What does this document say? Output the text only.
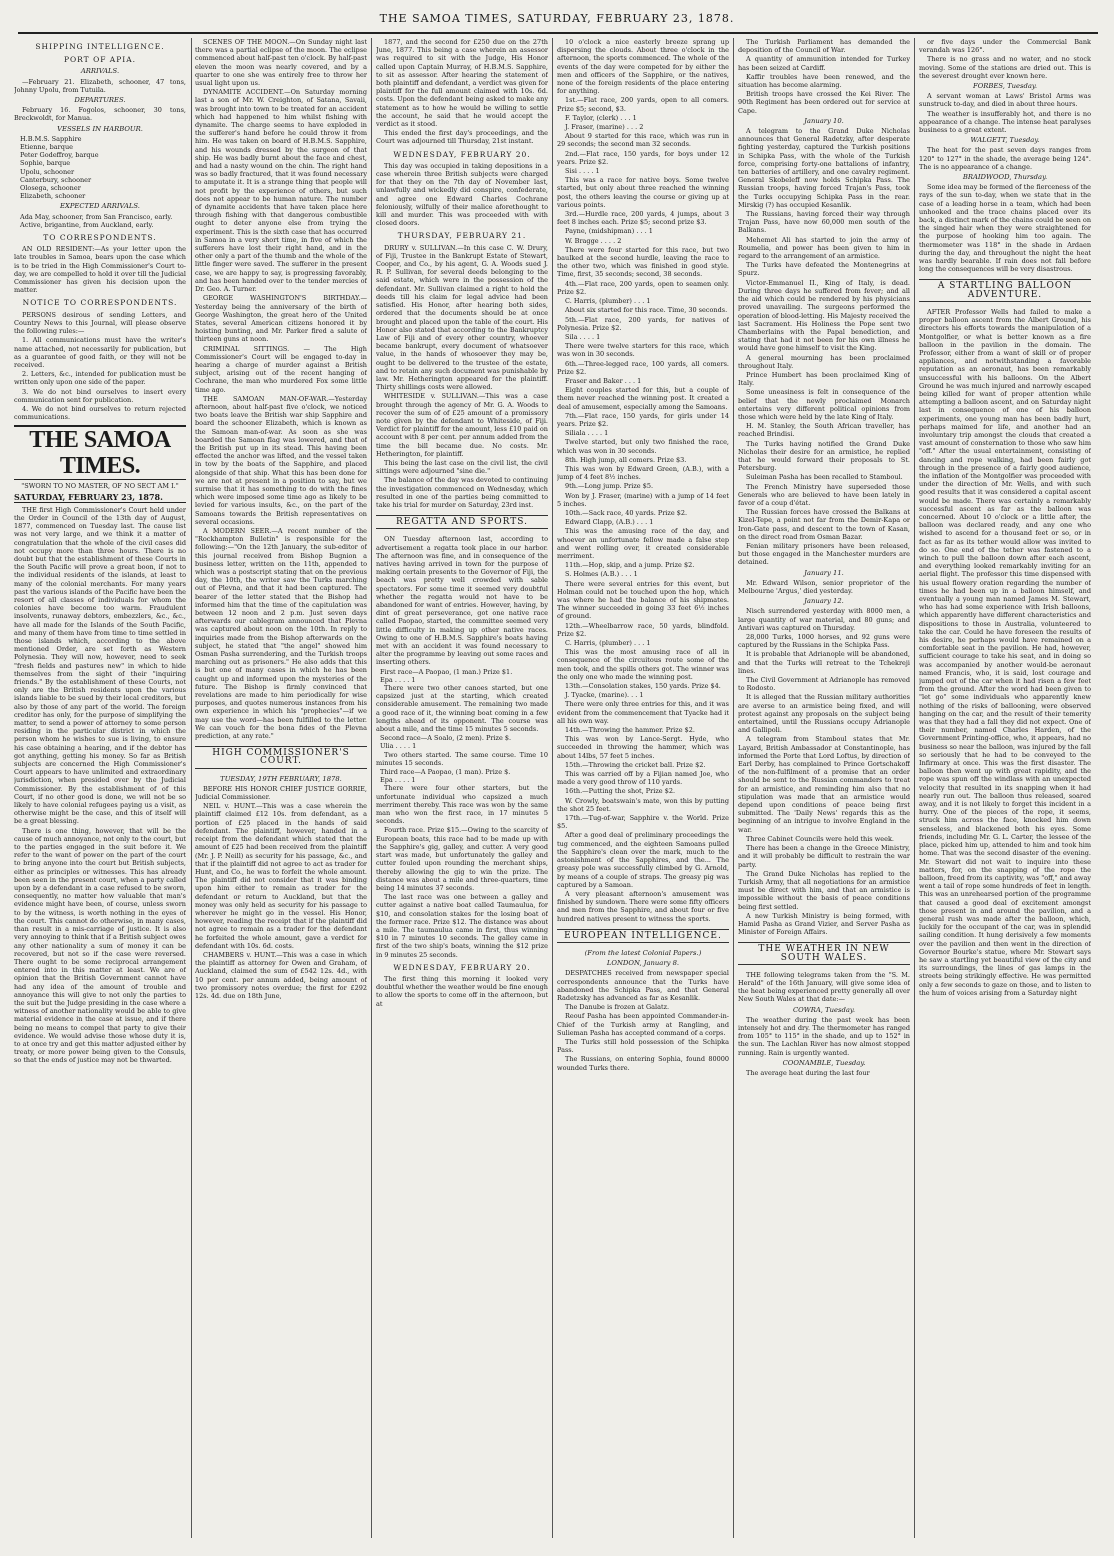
THE SAMOA TIMES, SATURDAY, FEBRUARY 23, 1878.
SHIPPING INTELLIGENCE.
PORT OF APIA.
ARRIVALS.

—February 21. Elizabeth, schooner, 47 tons, Johnny Upolu, from Tutuila.

DEPARTURES.

February 16. Fogolos, schooner, 30 tons, Breckwoldt, for Manua.

VESSELS IN HARBOUR.
H.B.M.S. Sapphire
Etienne, barque
Peter Godeffroy, barque
Sophie, barque
Upolu, schooner
Canterbury, schooner
Olosega, schooner
Elizabeth, schooner
EXPECTED ARRIVALS.
Ada May, schooner, from San Francisco, early.
Active, brigantine, from Auckland, early.
TO CORRESPONDENTS.

AN OLD RESIDENT:—As your letter upon the late troubles in Samoa, bears upon the case which is to be tried in the High Commissioner's Court to-day, we are compelled to hold it over till the Judicial Commissioner has given his decision upon the matter.

NOTICE TO CORRESPONDENTS.

PERSONS desirous of sending Letters, and Country News to this Journal, will please observe the following rules:—

1. All communications must have the writer's name attached, not necessarily for publication, but as a guarantee of good faith, or they will not be received.

2. Letters, &c., intended for publication must be written only upon one side of the paper.

3. We do not bind ourselves to insert every communication sent for publication.

4. We do not bind ourselves to return rejected communications.

THE SAMOA TIMES.
"SWORN TO NO MASTER, OF NO SECT AM I."
SATURDAY, FEBRUARY 23, 1878.

THE first High Commissioner's Court held under the Order in Council of the 13th day of August, 1877, commenced on Tuesday last. The cause list was not very large, and we think it a matter of congratulation that the whole of the civil cases did not occupy more than three hours. There is no doubt but that the establishment of these Courts in the South Pacific will prove a great boon, if not to the individual residents of the islands, at least to many of the colonial merchants. For many years past the various islands of the Pacific have been the resort of all classes of individuals for whom the colonies have become too warm. Fraudulent insolvents, runaway debtors, embezzlers, &c., &c., have all made for the Islands of the South Pacific, and many of them have from time to time settled in those islands which, according to the above mentioned Order, are set forth as Western Polynesia. They will now, however, need to seek "fresh fields and pastures new" in which to hide themselves from the sight of their "inquiring friends." By the establishment of these Courts, not only are the British residents upon the various islands liable to be sued by their local creditors, but also by those of any part of the world. The foreign creditor has only, for the purpose of simplifying the matter, to send a power of attorney to some person residing in the particular district in which the person whom he wishes to sue is living, to ensure his case obtaining a hearing, and if the debtor has got anything, getting his money. So far as British subjects are concerned the High Commissioner's Court appears to have unlimited and extraordinary jurisdiction, when presided over by the Judicial Commissioner. By the establishment of of this Court, if no other good is done, we will not be so likely to have colonial refugees paying us a visit, as otherwise might be the case, and this of itself will be a great blessing.

There is one thing, however, that will be the cause of much annoyance, not only to the court, but to the parties engaged in the suit before it. We refer to the want of power on the part of the court to bring anyone into the court but British subjects, either as principles or witnesses. This has already been seen in the present court, when a party called upon by a defendant in a case refused to be sworn, consequently, no matter how valuable that man's evidence might have been, of course, unless sworn to by the witness, is worth nothing in the eyes of the court. This cannot do otherwise, in many cases, than result in a mis-carriage of justice. It is also very annoying to think that if a British subject owes any other nationality a sum of money it can be recovered, but not so if the case were reversed. There ought to be some reciprocal arrangement entered into in this matter at least. We are of opinion that the British Government cannot have had any idea of the amount of trouble and annoyance this will give to not only the parties to the suit but the Judge presiding in the case where a witness of another nationality would be able to give material evidence in the case at issue, and if there being no means to compel that party to give their evidence. We would advise those whose duty it is, to at once try and get this matter adjusted either by treaty, or more power being given to the Consuls, so that the ends of justice may not be thwarted.

SCENES OF THE MOON.—On Sunday night last there was a partial eclipse of the moon. The eclipse commenced about half-past ten o'clock. By half-past eleven the moon was nearly covered, and by a quarter to one she was entirely free to throw her usual light upon us.

DYNAMITE ACCIDENT.—On Saturday morning last a son of Mr. W. Creighton, of Satana, Savaii, was brought into town to be treated for an accident which had happened to him whilst fishing with dynamite. The charge seems to have exploded in the sufferer's hand before he could throw it from him. He was taken on board of H.B.M.S. Sapphire, and his wounds dressed by the surgeon of that ship. He was badly burnt about the face and chest, and had a nasty wound on the chin. The right hand was so badly fractured, that it was found necessary to amputate it. It is a strange thing that people will not profit by the experience of others, but such does not appear to be human nature. The number of dynamite accidents that have taken place here through fishing with that dangerous combustible ought to deter anyone else from trying the experiment. This is the sixth case that has occurred in Samoa in a very short time, in five of which the sufferers have lost their right hand, and in the other only a part of the thumb and the whole of the little finger were saved. The sufferer in the present case, we are happy to say, is progressing favorably, and has been handed over to the tender mercies of Dr. Geo. A. Turner.

GEORGE WASHINGTON'S BIRTHDAY.—Yesterday being the anniversary of the birth of George Washington, the great hero of the United States, several American citizens honored it by hoisting bunting, and Mr. Parker fired a salute of thirteen guns at noon.

CRIMINAL SITTINGS. — The High Commissioner's Court will be engaged to-day in hearing a charge of murder against a British subject, arising out of the recent hanging of Cochrane, the man who murdered Fox some little time ago.

THE SAMOAN MAN-OF-WAR.—Yesterday afternoon, about half-past five o'clock, we noticed two boats leave the British war ship Sapphire and board the schooner Elizabeth, which is known as the Samoan man-of-war. As soon as she was boarded the Samoan flag was lowered, and that of the British put up in its stead. This having been effected the anchor was lifted, and the vessel taken in tow by the boats of the Sapphire, and placed alongside of that ship. What this has been done for we are not at present in a position to say, but we surmise that it has something to do with the fines which were imposed some time ago as likely to be levied for various insults, &c., on the part of the Samoans towards the British representatives on several occasions.

A MODERN SEER.—A recent number of the "Rockhampton Bulletin" is responsible for the following:—"On the 12th January, the sub-editor of this journal received from Bishop Bugnion a business letter, written on the 11th, appended to which was a postscript stating that on the previous day, the 10th, the writer saw the Turks marching out of Plevna, and that it had been captured. The bearer of the letter stated that the Bishop had informed him that the time of the capitulation was between 12 noon and 2 p.m. Just seven days afterwards our cablegram announced that Plevna was captured about noon on the 10th. In reply to inquiries made from the Bishop afterwards on the subject, he stated that "the angel" showed him Osman Pasha surrendering, and the Turkish troops marching out as prisoners." He also adds that this is but one of many cases in which he has been caught up and informed upon the mysteries of the future. The Bishop is firmly convinced that revelations are made to him periodically for wise purposes, and quotes numerous instances from his own experience in which his "prophecies"—if we may use the word—has been fulfilled to the letter. We can vouch for the bona fides of the Plevna prediction, at any rate."

HIGH COMMISSIONER'S COURT.
TUESDAY, 19TH FEBRUARY, 1878.

BEFORE HIS HONOR CHIEF JUSTICE GORRIE, Judicial Commissioner.

NEIL v. HUNT.—This was a case wherein the plaintiff claimed £12 10s. from defendant, as a portion of £25 placed in the hands of said defendant. The plaintiff, however, handed in a receipt from the defendant which stated that the amount of £25 had been received from the plaintiff (Mr. J. P. Neill) as security for his passage, &c., and that if the plaintiff did not agree to act as trader for Hunt, and Co., he was to forfeit the whole amount. The plaintiff did not consider that it was binding upon him either to remain as trader for the defendant or return to Auckland, but that the money was only held as security for his passage to wherever he might go in the vessel. His Honor, however, reading the receipt that if the plaintiff did not agree to remain as a trader for the defendant he forfeited the whole amount, gave a verdict for defendant with 10s. 6d. costs.

CHAMBERS v. HUNT.—This was a case in which the plaintiff as attorney for Owen and Graham, of Auckland, claimed the sum of £542 12s. 4d., with 10 per cent. per annum added, being amount of two promissory notes overdue; the first for £292 12s. 4d. due on 18th June,

1877, and the second for £250 due on the 27th June, 1877. This being a case wherein an assessor was required to sit with the Judge, His Honor called upon Captain Murray, of H.B.M.S. Sapphire, to sit as assessor. After hearing the statement of both plaintiff and defendant, a verdict was given for plaintiff for the full amount claimed with 10s. 6d. costs. Upon the defendant being asked to make any statement as to how he would be willing to settle the account, he said that he would accept the verdict as it stood.

This ended the first day's proceedings, and the Court was adjourned till Thursday, 21st instant.

WEDNESDAY, FEBRUARY 20.

This day was occupied in taking depositions in a case wherein three British subjects were charged for that they on the 7th day of November last, unlawfully and wickedly did conspire, confederate, and agree one Edward Charles Cochrane feloniously, wilfully of their malice aforethought to kill and murder. This was proceeded with with closed doors.

THURSDAY, FEBRUARY 21.

DRURY v. SULLIVAN.—In this case C. W. Drury, of Fiji, Trustee in the Bankrupt Estate of Stewart, Cooper, and Co., by his agent, G. A. Woods sued J. R. P. Sullivan, for several deeds belonging to the said estate, which were in the possession of the defendant. Mr. Sullivan claimed a right to hold the deeds till his claim for legal advice had been satisfied. His Honor, after hearing both sides, ordered that the documents should be at once brought and placed upon the table of the court. His Honor also stated that according to the Bankruptcy Law of Fiji and of every other country, whoever became bankrupt, every document of whatsoever value, in the hands of whosoever they may be, ought to be delivered to the trustee of the estate, and to retain any such document was punishable by law. Mr. Hetherington appeared for the plaintiff. Thirty shillings costs were allowed.

WHITESIDE v. SULLIVAN.—This was a case brought through the agency of Mr. G. A. Woods to recover the sum of of £25 amount of a promissory note given by the defendant to Whiteside, of Fiji. Verdict for plaintiff for the amount, less £10 paid on account with 8 per cent. per annum added from the time the bill became due. No costs. Mr. Hetherington, for plaintiff.

This being the last case on the civil list, the civil sittings were adjourned "sine die."

The balance of the day was devoted to continuing the investigation commenced on Wednesday, which resulted in one of the parties being committed to take his trial for murder on Saturday, 23rd inst.

REGATTA AND SPORTS.

ON Tuesday afternoon last, according to advertisement a regatta took place in our harbor. The afternoon was fine, and in consequence of the natives having arrived in town for the purpose of making certain presents to the Governor of Fiji, the beach was pretty well crowded with sable spectators. For some time it seemed very doubtful whether the regatta would not have to be abandoned for want of entries. However, having, by dint of great perseverance, got one native race called Paopao, started, the committee seemed very little difficulty in making up other native races. Owing to one of H.B.M.S. Sapphire's boats having met with an accident it was found necessary to alter the programme by leaving out some races and inserting others.

First race—A Paopao, (1 man.) Prize $1.
Epa . . . . 1

There were two other canoes started, but one capsized just at the starting, which created considerable amusement. The remaining two made a good race of it, the winning boat coming in a few lengths ahead of its opponent. The course was about a mile, and the time 15 minutes 5 seconds.

Second race—A Soalo, (2 men). Prize $.
Ulia . . . . 1

Two others started. The same course. Time 10 minutes 15 seconds.

Third race—A Paopao, (1 man). Prize $.
Epa . . . . 1

There were four other starters, but the unfortunate individual who capsized a much merriment thereby. This race was won by the same man who won the first race, in 17 minutes 5 seconds.

Fourth race. Prize $15.—Owing to the scarcity of European boats, this race had to be made up with the Sapphire's gig, galley, and cutter. A very good start was made, but unfortunately the galley and cutter fouled upon rounding the merchant ships, thereby allowing the gig to win the prize. The distance was about a mile and three-quarters, time being 14 minutes 37 seconds.

The last race was one between a galley and cutter against a native boat called Taumaulua, for $10, and consolation stakes for the losing boat of the former race. Prize $12. The distance was about a mile. The taumaulua came in first, thus winning $10 in 7 minutes 10 seconds. The galley came in first of the two ship's boats, winning the $12 prize in 9 minutes 25 seconds.

WEDNESDAY, FEBRUARY 20.

The first thing this morning it looked very doubtful whether the weather would be fine enough to allow the sports to come off in the afternoon, but at

10 o'clock a nice easterly breeze sprang up dispersing the clouds. About three o'clock in the afternoon, the sports commenced. The whole of the events of the day were competed for by either the men and officers of the Sapphire, or the natives, none of the foreign residents of the place entering for anything.

1st.—Flat race, 200 yards, open to all comers. Prize $5; second, $3.

F. Taylor, (clerk) . . . 1

J. Fraser, (marine) . . . 2

About 9 started for this race, which was run in 29 seconds; the second man 32 seconds.

2nd.—Flat race, 150 yards, for boys under 12 years. Prize $2.

Sisi . . . . 1

This was a race for native boys. Some twelve started, but only about three reached the winning post, the others leaving the course or giving up at various points.

3rd.—Hurdle race, 200 yards, 4 jumps, about 3 feet 8 inches each. Prize $5; second prize $3.

Payne, (midshipman) . . . 1

W. Bragge . . . . 2

There were four started for this race, but two baulked at the second hurdle, leaving the race to the other two, which was finished in good style. Time, first, 35 seconds; second, 38 seconds.

4th.—Flat race, 200 yards, open to seamen only. Prize $2.

C. Harris, (plumber) . . . 1

About six started for this race. Time, 30 seconds.

5th.—Flat race, 200 yards, for natives of Polynesia. Prize $2.

Sila . . . . 1

There were twelve starters for this race, which was won in 30 seconds.

6th.—Three-legged race, 100 yards, all comers. Prize $2.

Fraser and Baker . . . 1

Eight couples started for this, but a couple of them never reached the winning post. It created a deal of amusement, especially among the Samoans.

7th.—Flat race, 150 yards, for girls under 14 years. Prize $2.

Siliala . . . . 1

Twelve started, but only two finished the race, which was won in 30 seconds.

8th. High jump, all comers. Prize $3.

This was won by Edward Green, (A.B.), with a jump of 4 feet 8½ inches.

9th.—Long jump. Prize $5.

Won by J. Fraser, (marine) with a jump of 14 feet 5 inches.

10th.—Sack race, 40 yards. Prize $2.

Edward Clapp, (A.B.) . . . 1

This was the amusing race of the day, and whoever an unfortunate fellow made a false step and went rolling over, it created considerable merriment.

11th.—Hop, skip, and a jump. Prize $2.

S. Holmes (A.B.) . . . 1

There were several entries for this event, but Holman could not be touched upon the hop, which was where he had the balance of his shipmates. The winner succeeded in going 33 feet 6½ inches of ground.

12th.—Wheelbarrow race, 50 yards, blindfold. Prize $2.

C. Harris, (plumber) . . . 1

This was the most amusing race of all in consequence of the circuitous route some of the men took, and the spills others got. The winner was the only one who made the winning post.

13th.—Consolation stakes, 150 yards. Prize $4.

J. Tyacke, (marine). . . 1

There were only three entries for this, and it was evident from the commencement that Tyacke had it all his own way.

14th.—Throwing the hammer. Prize $2.

This was won by Lance-Sergt. Hyde, who succeeded in throwing the hammer, which was about 14lbs, 57 feet 5 inches.

15th.—Throwing the cricket ball. Prize $2.

This was carried off by a Fijian named Joe, who made a very good throw of 110 yards.

16th.—Putting the shot, Prize $2.

W. Crowly, boatswain's mate, won this by putting the shot 25 feet.

17th.—Tug-of-war, Sapphire v. the World. Prize $5.

After a good deal of preliminary proceedings the tug commenced, and the eighteen Samoans pulled the Sapphire's clean over the mark, much to the astonishment of the Sapphires, and the... The greasy pole was successfully climbed by G. Arnold, by means of a couple of straps. The greasy pig was captured by a Samoan.

A very pleasant afternoon's amusement was finished by sundown. There were some fifty officers and men from the Sapphire, and about four or five hundred natives present to witness the sports.

EUROPEAN INTELLIGENCE.
(From the latest Colonial Papers.)
LONDON, January 8.

DESPATCHES received from newspaper special correspondents announce that the Turks have abandoned the Schipka Pass, and that General Radetzsky has advanced as far as Kesanlik.

The Danube is frozen at Galatz.

Reouf Pasha has been appointed Commander-in-Chief of the Turkish army at Rangling, and Sulieman Pasha has accepted command of a corps.

The Turks still hold possession of the Schipka Pass.

The Russians, on entering Sophia, found 80000 wounded Turks there.

The Turkish Parliament has demanded the deposition of the Council of War.

A quantity of ammunition intended for Turkey has been seized at Cardiff.

Kaffir troubles have been renewed, and the situation has become alarming.

British troops have crossed the Kei River. The 90th Regiment has been ordered out for service at Cape.

January 10.

A telegram to the Grand Duke Nicholas announces that General Radetzky, after desperate fighting yesterday, captured the Turkish positions in Schipka Pass, with the whole of the Turkish force, comprising forty-one battalions of infantry, ten batteries of artillery, and one cavalry regiment. General Skobeleff now holds Schipka Pass. The Russian troops, having forced Trajan's Pass, took the Turks occupying Schipka Pass in the rear. Mirskig (?) has occupied Kesanlik.

The Russians, having forced their way through Trajan Pass, have now 60,000 men south of the Balkans.

Mehemet Ali has started to join the army of Roumelia, and power has been given to him in regard to the arrangement of an armistice.

The Turks have defeated the Montenegrins at Spurz.

Victor-Emmanuel II., King of Italy, is dead. During three days he suffered from fever; and all the aid which could be rendered by his physicians proved unavailing. The surgeons performed the operation of blood-letting. His Majesty received the last Sacrament. His Holiness the Pope sent two Chamberlains with the Papal benediction, and stating that had it not been for his own illness he would have gone himself to visit the King.

A general mourning has been proclaimed throughout Italy.

Prince Humbert has been proclaimed King of Italy.

Some uneasiness is felt in consequence of the belief that the newly proclaimed Monarch entertains very different political opinions from those which were held by the late King of Italy.

H. M. Stanley, the South African traveller, has reached Brindisi.

The Turks having notified the Grand Duke Nicholas their desire for an armistice, he replied that he would forward their proposals to St. Petersburg.

Suleiman Pasha has been recalled to Stamboul.

The French Ministry have superseded those Generals who are believed to have been lately in favor of a coup d'état.

The Russian forces have crossed the Balkans at Kizel-Tepe, a point not far from the Demir-Kapa or Iron-Gate pass, and descent to the town of Kasan, on the direct road from Osman Bazar.

Fenian military prisoners have been released, but those engaged in the Manchester murders are detained.

January 11.

Mr. Edward Wilson, senior proprietor of the Melbourne 'Argus,' died yesterday.

January 12.

Nisch surrendered yesterday with 8000 men, a large quantity of war material, and 80 guns; and Antivari was captured on Thursday.

28,000 Turks, 1000 horses, and 92 guns were captured by the Russians in the Schipka Pass.

It is probable that Adrianople will be abandoned, and that the Turks will retreat to the Tchekreji lines.

The Civil Government at Adrianople has removed to Rodosto.

It is alleged that the Russian military authorities are averse to an armistice being fixed, and will protest against any proposals on the subject being entertained, until the Russians occupy Adrianople and Gallipoli.

A telegram from Stamboul states that Mr. Layard, British Ambassador at Constantinople, has informed the Porte that Lord Loftus, by direction of Earl Derby, has complained to Prince Gortschakoff of the non-fulfilment of a promise that an order should be sent to the Russian commanders to treat for an armistice, and reminding him also that no stipulation was made that an armistice would depend upon conditions of peace being first submitted. The 'Daily News' regards this as the beginning of an intrigue to involve England in the war.

Three Cabinet Councils were held this week.

There has been a change in the Greece Ministry, and it will probably be difficult to restrain the war party.

The Grand Duke Nicholas has replied to the Turkish Army, that all negotiations for an armistice must be direct with him, and that an armistice is impossible without the basis of peace conditions being first settled.

A new Turkish Ministry is being formed, with Hamid Pasha as Grand Vizier, and Server Pasha as Minister of Foreign Affairs.

THE WEATHER IN NEW SOUTH WALES.

THE following telegrams taken from the "S. M. Herald" of the 16th January, will give some idea of the heat being experienced pretty generally all over New South Wales at that date:—

COWRA, Tuesday.

The weather during the past week has been intensely hot and dry. The thermometer has ranged from 105° to 115° in the shade, and up to 152° in the sun. The Lachlan River has now almost stopped running. Rain is urgently wanted.

COONAMBLE, Tuesday.

The average heat during the last four

or five days under the Commercial Bank verandah was 126°.

There is no grass and no water, and no stock moving. Some of the stations are dried out. This is the severest drought ever known here.

FORBES, Tuesday.

A servant woman at Laws' Bristol Arms was sunstruck to-day, and died in about three hours.

The weather is insufferably hot, and there is no appearance of a change. The intense heat paralyses business to a great extent.

WALGETT, Tuesday.

The heat for the past seven days ranges from 120° to 127° in the shade, the average being 124°. The is no appearance of a change.

BRAIDWOOD, Thursday.

Some idea may be formed of the fierceness of the rays of the sun to-day, when we state that in the case of a leading horse in a team, which had been unhooked and the trace chains placed over its back, a distinct mark of the chains could be seen on the singed hair when they were straightened for the purpose of hooking him too again. The thermometer was 118° in the shade in Ardaen during the day, and throughout the night the heat was hardly bearable. If rain does not fall before long the consequences will be very disastrous.

A STARTLING BALLOON ADVENTURE.

AFTER Professor Wells had failed to make a proper balloon ascent from the Albert Ground, his directors his efforts towards the manipulation of a Montgolfier, or what is better known as a fire balloon in the pavilion in the domain. The Professor, either from a want of skill or of proper appliances, and notwithstanding a favorable reputation as an aeronaut, has been remarkably unsuccessful with his balloons. On the Albert Ground he was much injured and narrowly escaped being killed for want of proper attention while attempting a balloon ascent, and on Saturday night last in consequence of one of his balloon experiments, one young man has been badly hurt, perhaps maimed for life, and another had an involuntary trip amongst the clouds that created a vast amount of consternation to those who saw him "off." After the usual entertainment, consisting of dancing and rope walking, had been fairly got through in the presence of a fairly good audience, the inflation of the Montgolfier was proceeded with under the direction of Mr. Wells, and with such good results that it was considered a capital ascent would be made. There was certainly a remarkably successful ascent as far as the balloon was concerned. About 10 o'clock or a little after, the balloon was declared ready, and any one who wished to ascend for a thousand feet or so, or in fact as far as its tether would allow was invited to do so. One end of the tether was fastened to a winch to pull the balloon down after each ascent, and everything looked remarkably inviting for an aerial flight. The professor this time dispensed with his usual flowery oration regarding the number of times he had been up in a balloon himself, and eventually a young man named James M. Stewart, who has had some experience with Irish balloons, which apparently have different characteristics and dispositions to those in Australia, volunteered to take the car. Could he have foreseen the results of his desire, he perhaps would have remained on a comfortable seat in the pavilion. He had, however, sufficient courage to take his seat, and in doing so was accompanied by another would-be aeronaut named Francis, who, it is said, lost courage and jumped out of the car when it had risen a few feet from the ground. After the word had been given to "let go" some individuals who apparently knew nothing of the risks of ballooning, were observed hanging on the car, and the result of their temerity was that they had a fall they did not expect. One of their number, named Charles Harden, of the Government Printing-office, who, it appears, had no business so near the balloon, was injured by the fall so seriously that he had to be conveyed to the Infirmary at once. This was the first disaster. The balloon then went up with great rapidity, and the rope was spun off the windlass with an unexpected velocity that resulted in its snapping when it had nearly run out. The balloon thus released, soared away, and it is not likely to forget this incident in a hurry. One of the pieces of the rope, it seems, struck him across the face, knocked him down senseless, and blackened both his eyes. Some friends, including Mr. G. L. Carter, the lessee of the place, picked him up, attended to him and took him home. That was the second disaster of the evening. Mr. Stewart did not wait to inquire into these matters, for, on the snapping of the rope the balloon, freed from its captivity, was "off," and away went a tail of rope some hundreds of feet in length. This was an unrehearsed portion of the programme that caused a good deal of excitement amongst those present in and around the pavilion, and a general rush was made after the balloon, which, luckily for the occupant of the car, was in splendid sailing condition. It hung derisively a few moments over the pavilion and then went in the direction of Governor Bourke's statue, where Mr. Stewart says he saw a startling yet beautiful view of the city and its surroundings, the lines of gas lamps in the streets being strikingly effective. He was permitted only a few seconds to gaze on those, and to listen to the hum of voices arising from a Saturday night
